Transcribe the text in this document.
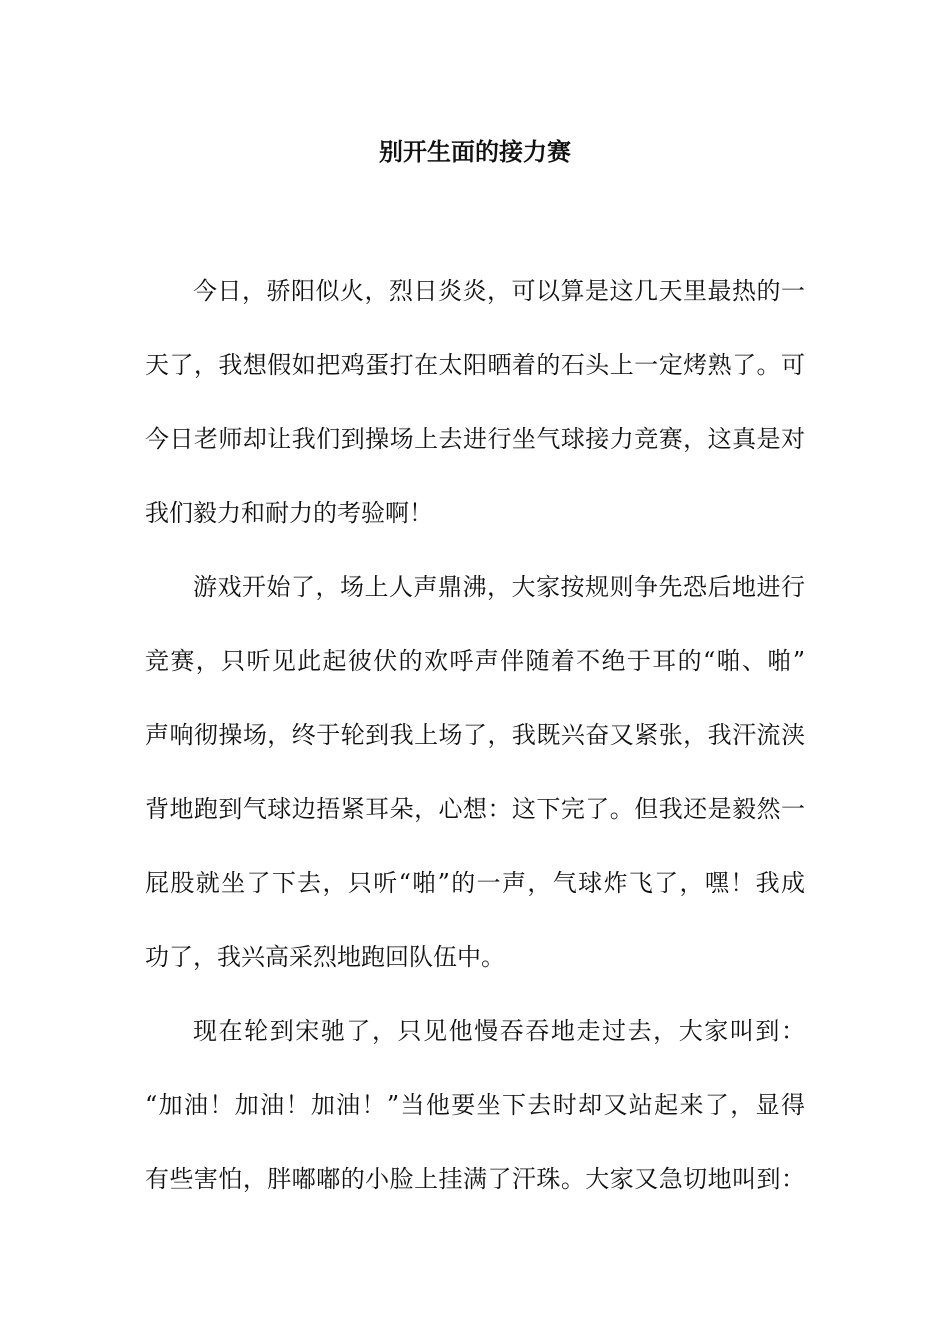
别开生面的接力赛
今日，骄阳似火，烈日炎炎，可以算是这几天里最热的一
天了，我想假如把鸡蛋打在太阳晒着的石头上一定烤熟了。可
今日老师却让我们到操场上去进行坐气球接力竞赛，这真是对
我们毅力和耐力的考验啊！
游戏开始了，场上人声鼎沸，大家按规则争先恐后地进行
竞赛，只听见此起彼伏的欢呼声伴随着不绝于耳的“啪、啪”
声响彻操场，终于轮到我上场了，我既兴奋又紧张，我汗流浃
背地跑到气球边捂紧耳朵，心想：这下完了。但我还是毅然一
屁股就坐了下去，只听“啪”的一声，气球炸飞了，嘿！我成
功了，我兴高采烈地跑回队伍中。
现在轮到宋驰了，只见他慢吞吞地走过去，大家叫到：
“加油！加油！加油！”当他要坐下去时却又站起来了，显得
有些害怕，胖嘟嘟的小脸上挂满了汗珠。大家又急切地叫到：
